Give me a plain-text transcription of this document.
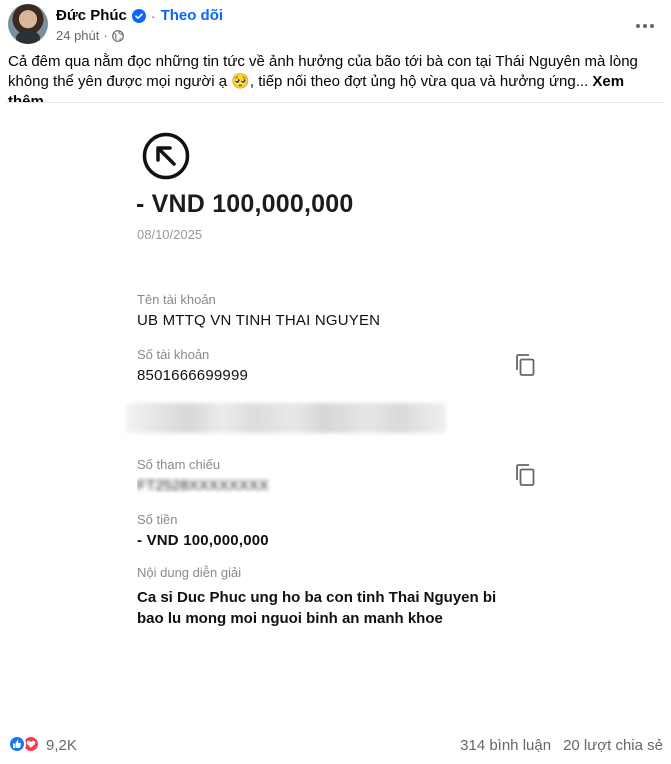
Đức Phúc · Theo dõi
24 phút ·
Cả đêm qua nằm đọc những tin tức về ảnh hưởng của bão tới bà con tại Thái Nguyên mà lòng không thể yên được mọi người ạ 🥺, tiếp nối theo đợt ủng hộ vừa qua và hưởng ứng... Xem
- VND 100,000,000
08/10/2025
Tên tài khoản
UB MTTQ VN TINH THAI NGUYEN
Số tài khoản
8501666699999
Số tham chiếu
FT2528XXXXXXXX
Số tiền
- VND 100,000,000
Nội dung diễn giải
Ca si Duc Phuc ung ho ba con tinh Thai Nguyen bi bao lu mong moi nguoi binh an manh khoe
9,2K	314 bình luận 20 lượt chia sẻ
